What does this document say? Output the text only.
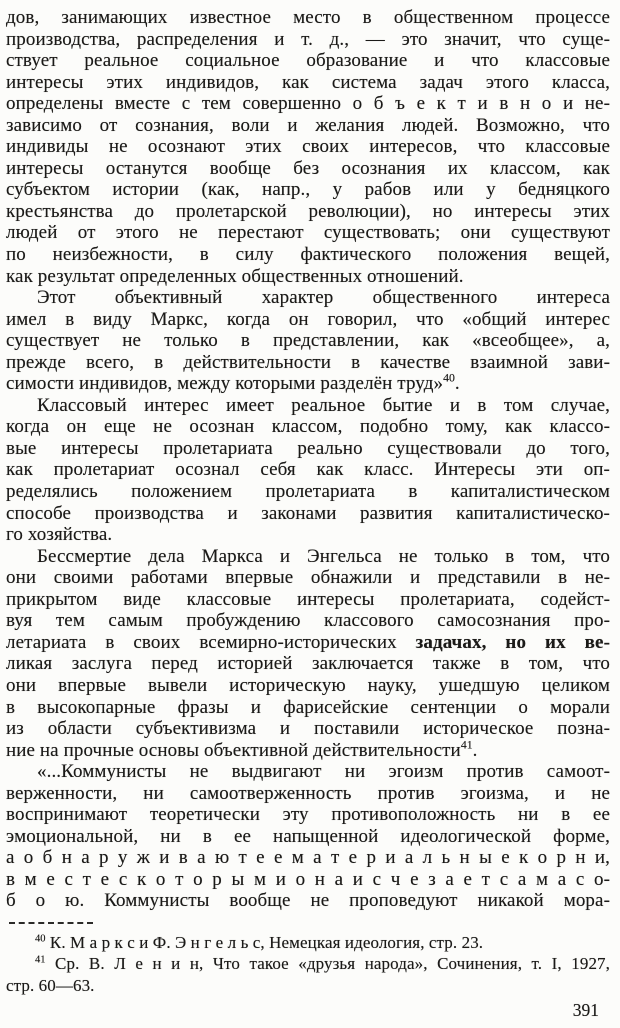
дов, занимающих известное место в общественном процессе
производства, распределения и т. д., — это значит, что суще-
ствует реальное социальное образование и что классовые
интересы этих индивидов, как система задач этого класса,
определены вместе с тем совершенно о б ъ е к т и в н о и не-
зависимо от сознания, воли и желания людей. Возможно, что
индивиды не осознают этих своих интересов, что классовые
интересы останутся вообще без осознания их классом, как
субъектом истории (как, напр., у рабов или у бедняцкого
крестьянства до пролетарской революции), но интересы этих
людей от этого не перестают существовать; они существуют
по неизбежности, в силу фактического положения вещей,
как результат определенных общественных отношений.
Этот объективный характер общественного интереса
имел в виду Маркс, когда он говорил, что «общий интерес
существует не только в представлении, как «всеобщее», а,
прежде всего, в действительности в качестве взаимной зави-
симости индивидов, между которыми разделён труд»$^{40}$.
Классовый интерес имеет реальное бытие и в том случае,
когда он еще не осознан классом, подобно тому, как классо-
вые интересы пролетариата реально существовали до того,
как пролетариат осознал себя как класс. Интересы эти оп-
ределялись положением пролетариата в капиталистическом
способе производства и законами развития капиталистическо-
го хозяйства.
Бессмертие дела Маркса и Энгельса не только в том, что
они своими работами впервые обнажили и представили в не-
прикрытом виде классовые интересы пролетариата, содейст-
вуя тем самым пробуждению классового самосознания про-
летариата в своих всемирно-исторических задачах, но их ве-
ликая заслуга перед историей заключается также в том, что
они впервые вывели историческую науку, ушедшую целиком
в высокопарные фразы и фарисейские сентенции о морали
из области субъективизма и поставили историческое позна-
ние на прочные основы объективной действительности$^{41}$.
«...Коммунисты не выдвигают ни эгоизм против самоот-
верженности, ни самоотверженность против эгоизма, и не
воспринимают теоретически эту противоположность ни в ее
эмоциональной, ни в ее напыщенной идеологической форме,
а о б н а р у ж и в а ю т е е м а т е р и а л ь н ы е к о р н и,
в м е с т е с к о т о р ы м и о н а и с ч е з а е т с а м а с о-
б о ю. Коммунисты вообще не проповедуют никакой мора-
$^{40}$ К. М а р к с и Ф. Э н г е л ь с, Немецкая идеология, стр. 23.
$^{41}$ Ср. В. Л е н и н, Что такое «друзья народа», Сочинения, т. I, 1927,
стр. 60—63.
391
